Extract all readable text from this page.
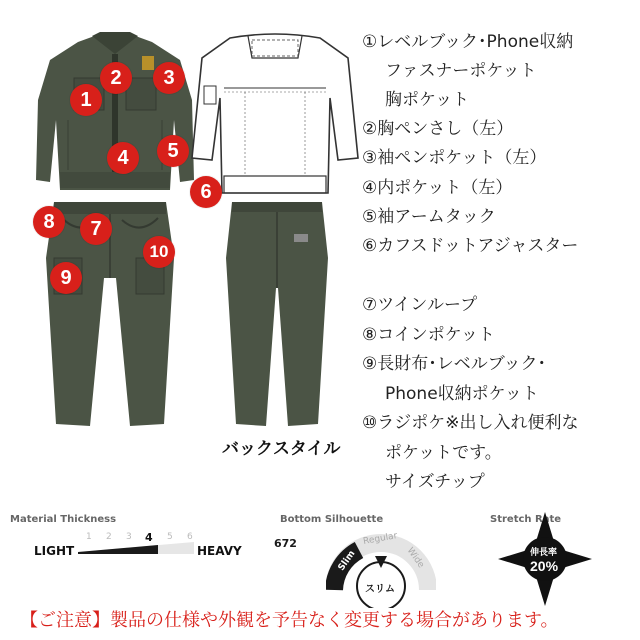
1
2	3
4	5
6
7
8
10
9
①レベルブック･Phone収納
ファスナーポケット
胸ポケット
②胸ペンさし（左）
③袖ペンポケット（左）
④内ポケット（左）
⑤袖アームタック
⑥カフスドットアジャスター
⑦ツインループ
⑧コインポケット
⑨長財布･レベルブック･
Phone収納ポケット
⑩ラジポケ※出し入れ便利な
ポケットです。
サイズチップ
バックスタイル
Material Thickness
LIGHT	HEAVY
1 2 3 4 5 6
Bottom Silhouette
672
Slim
Regular
Wide
スリム
Stretch Rate
伸長率
20%
【ご注意】製品の仕様や外観を予告なく変更する場合があります。
